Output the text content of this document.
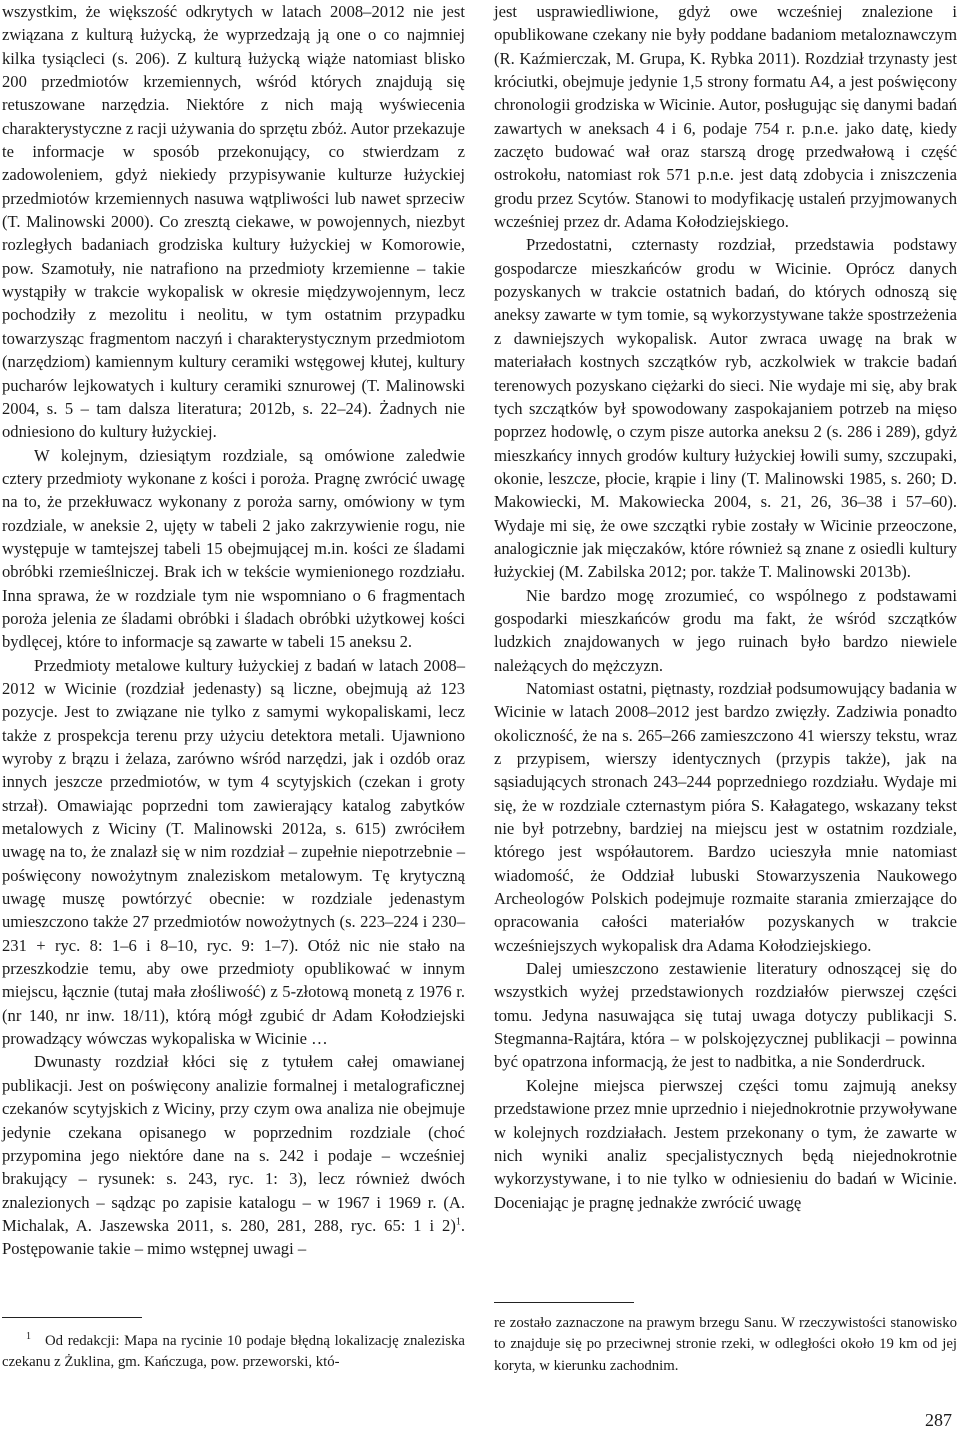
wszystkim, że większość odkrytych w latach 2008–2012 nie jest związana z kulturą łużycką, że wyprzedzają ją one o co najmniej kilka tysiącleci (s. 206). Z kulturą łużycką wiąże natomiast blisko 200 przedmiotów krzemiennych, wśród których znajdują się retuszowane narzędzia. Niektóre z nich mają wyświecenia charakterystyczne z racji używania do sprzętu zbóż. Autor przekazuje te informacje w sposób przekonujący, co stwierdzam z zadowoleniem, gdyż niekiedy przypisywanie kulturze łużyckiej przedmiotów krzemiennych nasuwa wątpliwości lub nawet sprzeciw (T. Malinowski 2000). Co zresztą ciekawe, w powojennych, niezbyt rozległych badaniach grodziska kultury łużyckiej w Komorowie, pow. Szamotuły, nie natrafiono na przedmioty krzemienne – takie wystąpiły w trakcie wykopalisk w okresie międzywojennym, lecz pochodziły z mezolitu i neolitu, w tym ostatnim przypadku towarzysząc fragmentom naczyń i charakterystycznym przedmiotom (narzędziom) kamiennym kultury ceramiki wstęgowej kłutej, kultury pucharów lejkowatych i kultury ceramiki sznurowej (T. Malinowski 2004, s. 5 – tam dalsza literatura; 2012b, s. 22–24). Żadnych nie odniesiono do kultury łużyckiej.

W kolejnym, dziesiątym rozdziale, są omówione zaledwie cztery przedmioty wykonane z kości i poroża. Pragnę zwrócić uwagę na to, że przekłuwacz wykonany z poroża sarny, omówiony w tym rozdziale, w aneksie 2, ujęty w tabeli 2 jako zakrzywienie rogu, nie występuje w tamtejszej tabeli 15 obejmującej m.in. kości ze śladami obróbki rzemieślniczej. Brak ich w tekście wymienionego rozdziału. Inna sprawa, że w rozdziale tym nie wspomniano o 6 fragmentach poroża jelenia ze śladami obróbki i śladach obróbki użytkowej kości bydlęcej, które to informacje są zawarte w tabeli 15 aneksu 2.

Przedmioty metalowe kultury łużyckiej z badań w latach 2008–2012 w Wicinie (rozdział jedenasty) są liczne, obejmują aż 123 pozycje. Jest to związane nie tylko z samymi wykopaliskami, lecz także z prospekcja terenu przy użyciu detektora metali. Ujawniono wyroby z brązu i żelaza, zarówno wśród narzędzi, jak i ozdób oraz innych jeszcze przedmiotów, w tym 4 scytyjskich (czekan i groty strzał). Omawiając poprzedni tom zawierający katalog zabytków metalowych z Wiciny (T. Malinowski 2012a, s. 615) zwróciłem uwagę na to, że znalazł się w nim rozdział – zupełnie niepotrzebnie – poświęcony nowożytnym znaleziskom metalowym. Tę krytyczną uwagę muszę powtórzyć obecnie: w rozdziale jedenastym umieszczono także 27 przedmiotów nowożytnych (s. 223–224 i 230–231 + ryc. 8: 1–6 i 8–10, ryc. 9: 1–7). Otóż nic nie stało na przeszkodzie temu, aby owe przedmioty opublikować w innym miejscu, łącznie (tutaj mała złośliwość) z 5-złotową monetą z 1976 r. (nr 140, nr inw. 18/11), którą mógł zgubić dr Adam Kołodziejski prowadzący wówczas wykopaliska w Wicinie …

Dwunasty rozdział kłóci się z tytułem całej omawianej publikacji. Jest on poświęcony analizie formalnej i metalograficznej czekanów scytyjskich z Wiciny, przy czym owa analiza nie obejmuje jedynie czekana opisanego w poprzednim rozdziale (choć przypomina jego niektóre dane na s. 242 i podaje – wcześniej brakujący – rysunek: s. 243, ryc. 1: 3), lecz również dwóch znalezionych – sądząc po zapisie katalogu – w 1967 i 1969 r. (A. Michalak, A. Jaszewska 2011, s. 280, 281, 288, ryc. 65: 1 i 2)$^1$. Postępowanie takie – mimo wstępnej uwagi –

jest usprawiedliwione, gdyż owe wcześniej znalezione i opublikowane czekany nie były poddane badaniom metaloznawczym (R. Kaźmierczak, M. Grupa, K. Rybka 2011). Rozdział trzynasty jest króciutki, obejmuje jedynie 1,5 strony formatu A4, a jest poświęcony chronologii grodziska w Wicinie. Autor, posługując się danymi badań zawartych w aneksach 4 i 6, podaje 754 r. p.n.e. jako datę, kiedy zaczęto budować wał oraz starszą drogę przedwałową i część ostrokołu, natomiast rok 571 p.n.e. jest datą zdobycia i zniszczenia grodu przez Scytów. Stanowi to modyfikację ustaleń przyjmowanych wcześniej przez dr. Adama Kołodziejskiego.

Przedostatni, czternasty rozdział, przedstawia podstawy gospodarcze mieszkańców grodu w Wicinie. Oprócz danych pozyskanych w trakcie ostatnich badań, do których odnoszą się aneksy zawarte w tym tomie, są wykorzystywane także spostrzeżenia z dawniejszych wykopalisk. Autor zwraca uwagę na brak w materiałach kostnych szczątków ryb, aczkolwiek w trakcie badań terenowych pozyskano ciężarki do sieci. Nie wydaje mi się, aby brak tych szczątków był spowodowany zaspokajaniem potrzeb na mięso poprzez hodowlę, o czym pisze autorka aneksu 2 (s. 286 i 289), gdyż mieszkańcy innych grodów kultury łużyckiej łowili sumy, szczupaki, okonie, leszcze, płocie, krąpie i liny (T. Malinowski 1985, s. 260; D. Makowiecki, M. Makowiecka 2004, s. 21, 26, 36–38 i 57–60). Wydaje mi się, że owe szczątki rybie zostały w Wicinie przeoczone, analogicznie jak mięczaków, które również są znane z osiedli kultury łużyckiej (M. Zabilska 2012; por. także T. Malinowski 2013b).

Nie bardzo mogę zrozumieć, co wspólnego z podstawami gospodarki mieszkańców grodu ma fakt, że wśród szczątków ludzkich znajdowanych w jego ruinach było bardzo niewiele należących do mężczyzn.

Natomiast ostatni, piętnasty, rozdział podsumowujący badania w Wicinie w latach 2008–2012 jest bardzo zwięzły. Zadziwia ponadto okoliczność, że na s. 265–266 zamieszczono 41 wierszy tekstu, wraz z przypisem, wierszy identycznych (przypis także), jak na sąsiadujących stronach 243–244 poprzedniego rozdziału. Wydaje mi się, że w rozdziale czternastym pióra S. Kałagatego, wskazany tekst nie był potrzebny, bardziej na miejscu jest w ostatnim rozdziale, którego jest współautorem. Bardzo ucieszyła mnie natomiast wiadomość, że Oddział lubuski Stowarzyszenia Naukowego Archeologów Polskich podejmuje rozmaite starania zmierzające do opracowania całości materiałów pozyskanych w trakcie wcześniejszych wykopalisk dra Adama Kołodziejskiego.

Dalej umieszczono zestawienie literatury odnoszącej się do wszystkich wyżej przedstawionych rozdziałów pierwszej części tomu. Jedyna nasuwająca się tutaj uwaga dotyczy publikacji S. Stegmanna-Rajtára, która – w polskojęzycznej publikacji – powinna być opatrzona informacją, że jest to nadbitka, a nie Sonderdruck.

Kolejne miejsca pierwszej części tomu zajmują aneksy przedstawione przez mnie uprzednio i niejednokrotnie przywoływane w kolejnych rozdziałach. Jestem przekonany o tym, że zawarte w nich wyniki analiz specjalistycznych będą niejednokrotnie wykorzystywane, i to nie tylko w odniesieniu do badań w Wicinie. Doceniając je pragnę jednakże zwrócić uwagę

$^1$ Od redakcji: Mapa na rycinie 10 podaje błędną lokalizację znaleziska czekanu z Żuklina, gm. Kańczuga, pow. przeworski, któ-

re zostało zaznaczone na prawym brzegu Sanu. W rzeczywistości stanowisko to znajduje się po przeciwnej stronie rzeki, w odległości około 19 km od jej koryta, w kierunku zachodnim.

287
